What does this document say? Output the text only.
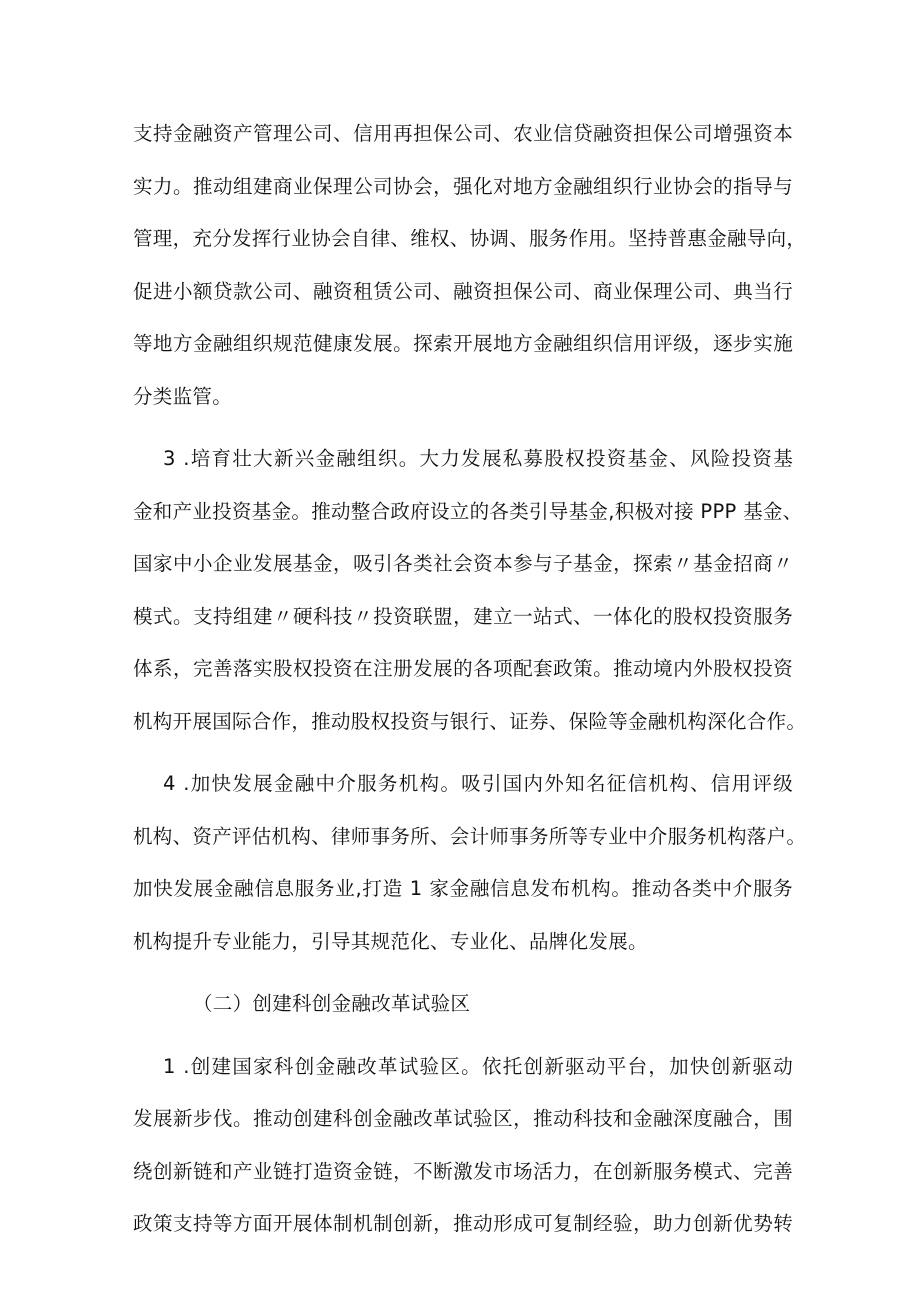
支持金融资产管理公司、信用再担保公司、农业信贷融资担保公司增强资本
实力。推动组建商业保理公司协会，强化对地方金融组织行业协会的指导与
管理，充分发挥行业协会自律、维权、协调、服务作用。坚持普惠金融导向，
促进小额贷款公司、融资租赁公司、融资担保公司、商业保理公司、典当行
等地方金融组织规范健康发展。探索开展地方金融组织信用评级，逐步实施
分类监管。
3 .培育壮大新兴金融组织。大力发展私募股权投资基金、风险投资基
金和产业投资基金。推动整合政府设立的各类引导基金,积极对接 PPP 基金、
国家中小企业发展基金，吸引各类社会资本参与子基金，探索〃基金招商〃
模式。支持组建〃硬科技〃投资联盟，建立一站式、一体化的股权投资服务
体系，完善落实股权投资在注册发展的各项配套政策。推动境内外股权投资
机构开展国际合作，推动股权投资与银行、证券、保险等金融机构深化合作。
4 .加快发展金融中介服务机构。吸引国内外知名征信机构、信用评级
机构、资产评估机构、律师事务所、会计师事务所等专业中介服务机构落户。
加快发展金融信息服务业,打造 1 家金融信息发布机构。推动各类中介服务
机构提升专业能力，引导其规范化、专业化、品牌化发展。
（二）创建科创金融改革试验区
1 .创建国家科创金融改革试验区。依托创新驱动平台，加快创新驱动
发展新步伐。推动创建科创金融改革试验区，推动科技和金融深度融合，围
绕创新链和产业链打造资金链，不断激发市场活力，在创新服务模式、完善
政策支持等方面开展体制机制创新，推动形成可复制经验，助力创新优势转
